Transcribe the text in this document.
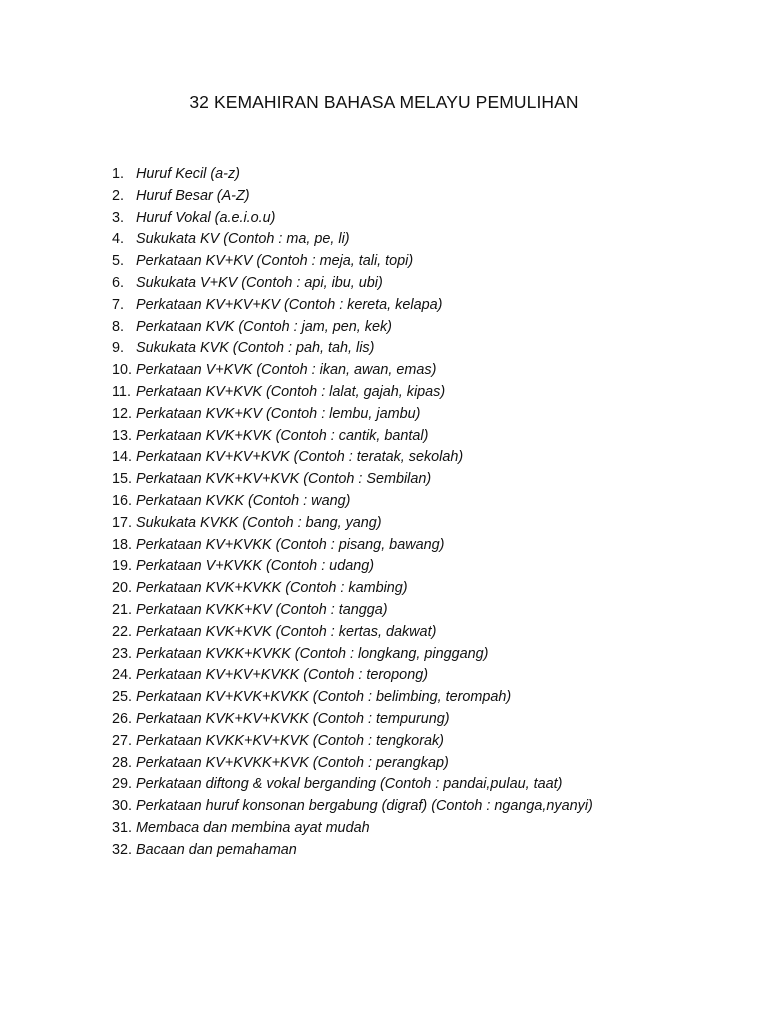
32 KEMAHIRAN BAHASA MELAYU PEMULIHAN
1. Huruf Kecil (a-z)
2. Huruf Besar (A-Z)
3. Huruf Vokal (a.e.i.o.u)
4. Sukukata KV (Contoh : ma, pe, li)
5. Perkataan KV+KV (Contoh : meja, tali, topi)
6. Sukukata V+KV (Contoh : api, ibu, ubi)
7. Perkataan KV+KV+KV (Contoh : kereta, kelapa)
8. Perkataan KVK (Contoh : jam, pen, kek)
9. Sukukata KVK (Contoh : pah, tah, lis)
10. Perkataan V+KVK (Contoh : ikan, awan, emas)
11. Perkataan KV+KVK (Contoh : lalat, gajah, kipas)
12. Perkataan KVK+KV (Contoh : lembu, jambu)
13. Perkataan KVK+KVK (Contoh : cantik, bantal)
14. Perkataan KV+KV+KVK (Contoh : teratak, sekolah)
15. Perkataan KVK+KV+KVK (Contoh : Sembilan)
16. Perkataan KVKK (Contoh : wang)
17. Sukukata KVKK (Contoh : bang, yang)
18. Perkataan KV+KVKK (Contoh : pisang, bawang)
19. Perkataan V+KVKK (Contoh : udang)
20. Perkataan KVK+KVKK (Contoh : kambing)
21. Perkataan KVKK+KV (Contoh : tangga)
22. Perkataan KVK+KVK (Contoh : kertas, dakwat)
23. Perkataan KVKK+KVKK (Contoh : longkang, pinggang)
24. Perkataan KV+KV+KVKK (Contoh : teropong)
25. Perkataan KV+KVK+KVKK (Contoh : belimbing, terompah)
26. Perkataan KVK+KV+KVKK (Contoh : tempurung)
27. Perkataan KVKK+KV+KVK (Contoh : tengkorak)
28. Perkataan KV+KVKK+KVK (Contoh : perangkap)
29. Perkataan diftong & vokal berganding (Contoh : pandai,pulau, taat)
30. Perkataan huruf konsonan bergabung (digraf) (Contoh : nganga,nyanyi)
31. Membaca dan membina ayat mudah
32. Bacaan dan pemahaman
